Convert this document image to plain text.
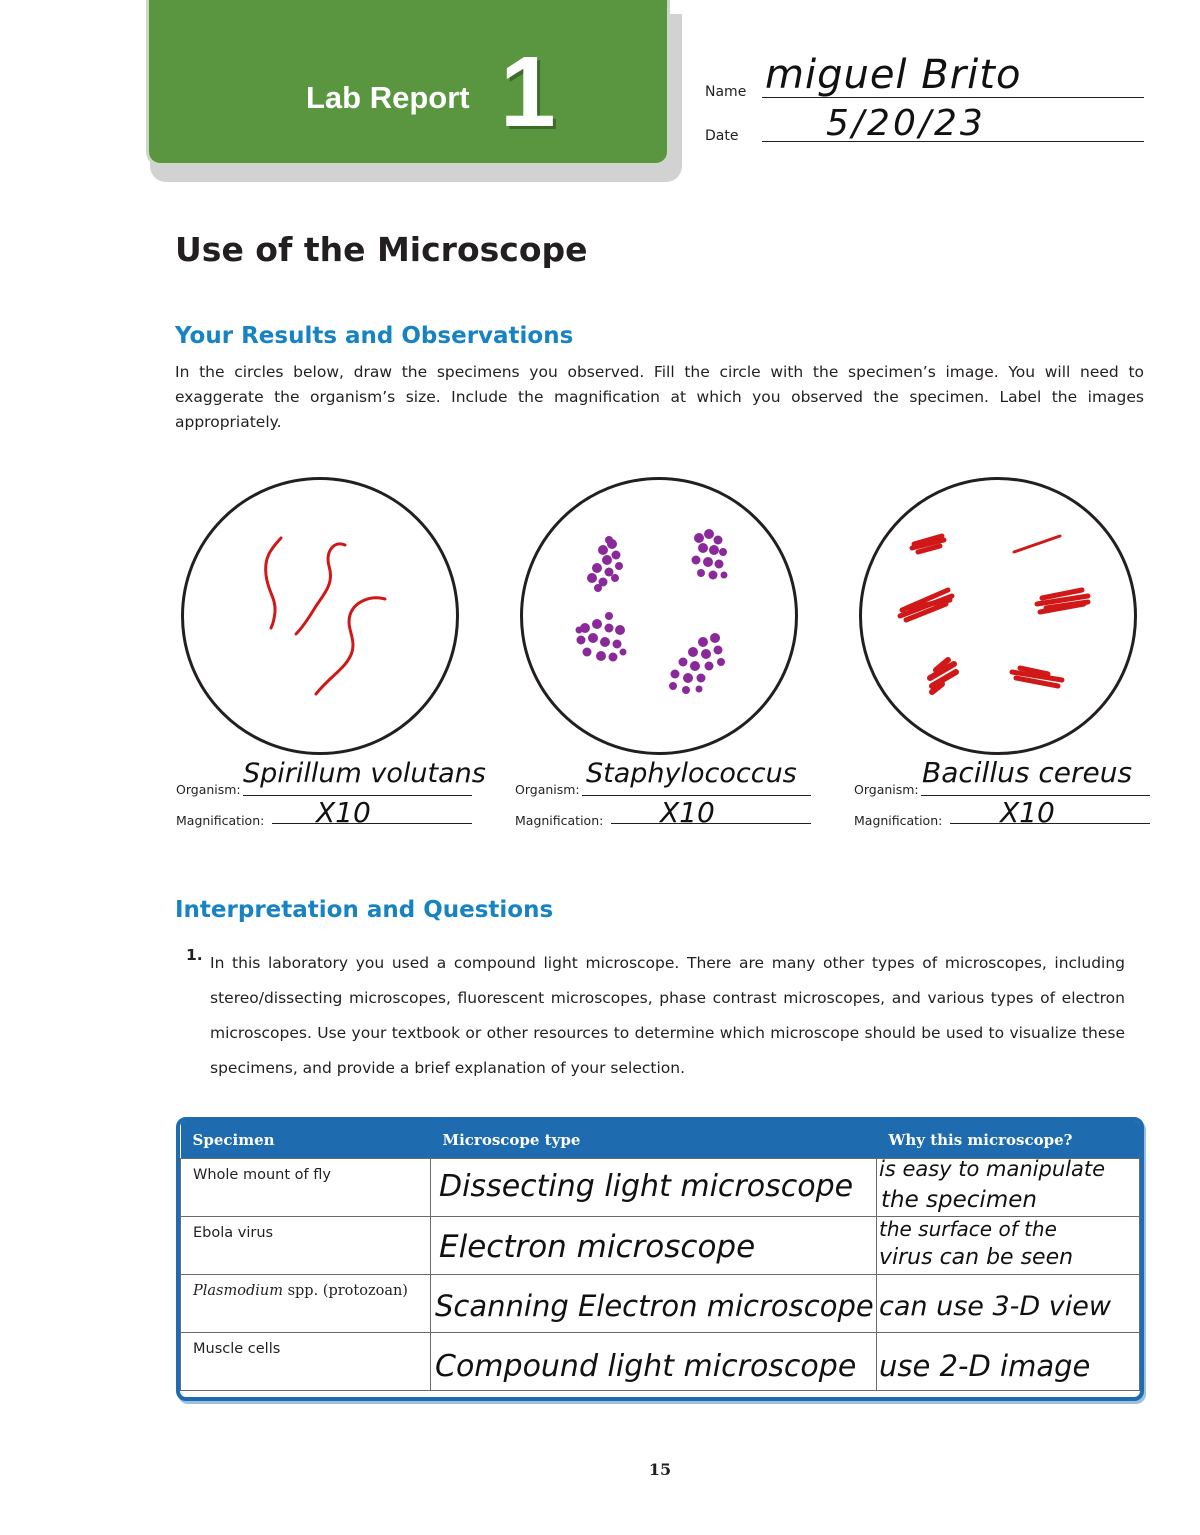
Lab Report 1	Name miguel Brito
Date 5/20/23
Use of the Microscope
Your Results and Observations
In the circles below, draw the specimens you observed. Fill the circle with the specimen’s image. You will need to exaggerate the organism’s size. Include the magnification at which you observed the specimen. Label the images appropriately.
Organism:
Spirillum volutans
Magnification: X10
Organism:
Staphylococcus
Magnification: X10
Organism:
Bacillus cereus
Magnification: X10
Interpretation and Questions
1. In this laboratory you used a compound light microscope. There are many other types of microscopes, including stereo/dissecting microscopes, fluorescent microscopes, phase contrast microscopes, and various types of electron microscopes. Use your textbook or other resources to determine which microscope should be used to visualize these specimens, and provide a brief explanation of your selection.
Specimen	Microscope type	Why this microscope?
Whole mount of fly	Dissecting light microscope	is easy to manipulate
the specimen

Ebola virus	Electron microscope	the surface of the
virus can be seen

Plasmodium spp. (protozoan)	Scanning Electron microscope	can use 3-D view

Muscle cells	Compound light microscope	use 2-D image
15
